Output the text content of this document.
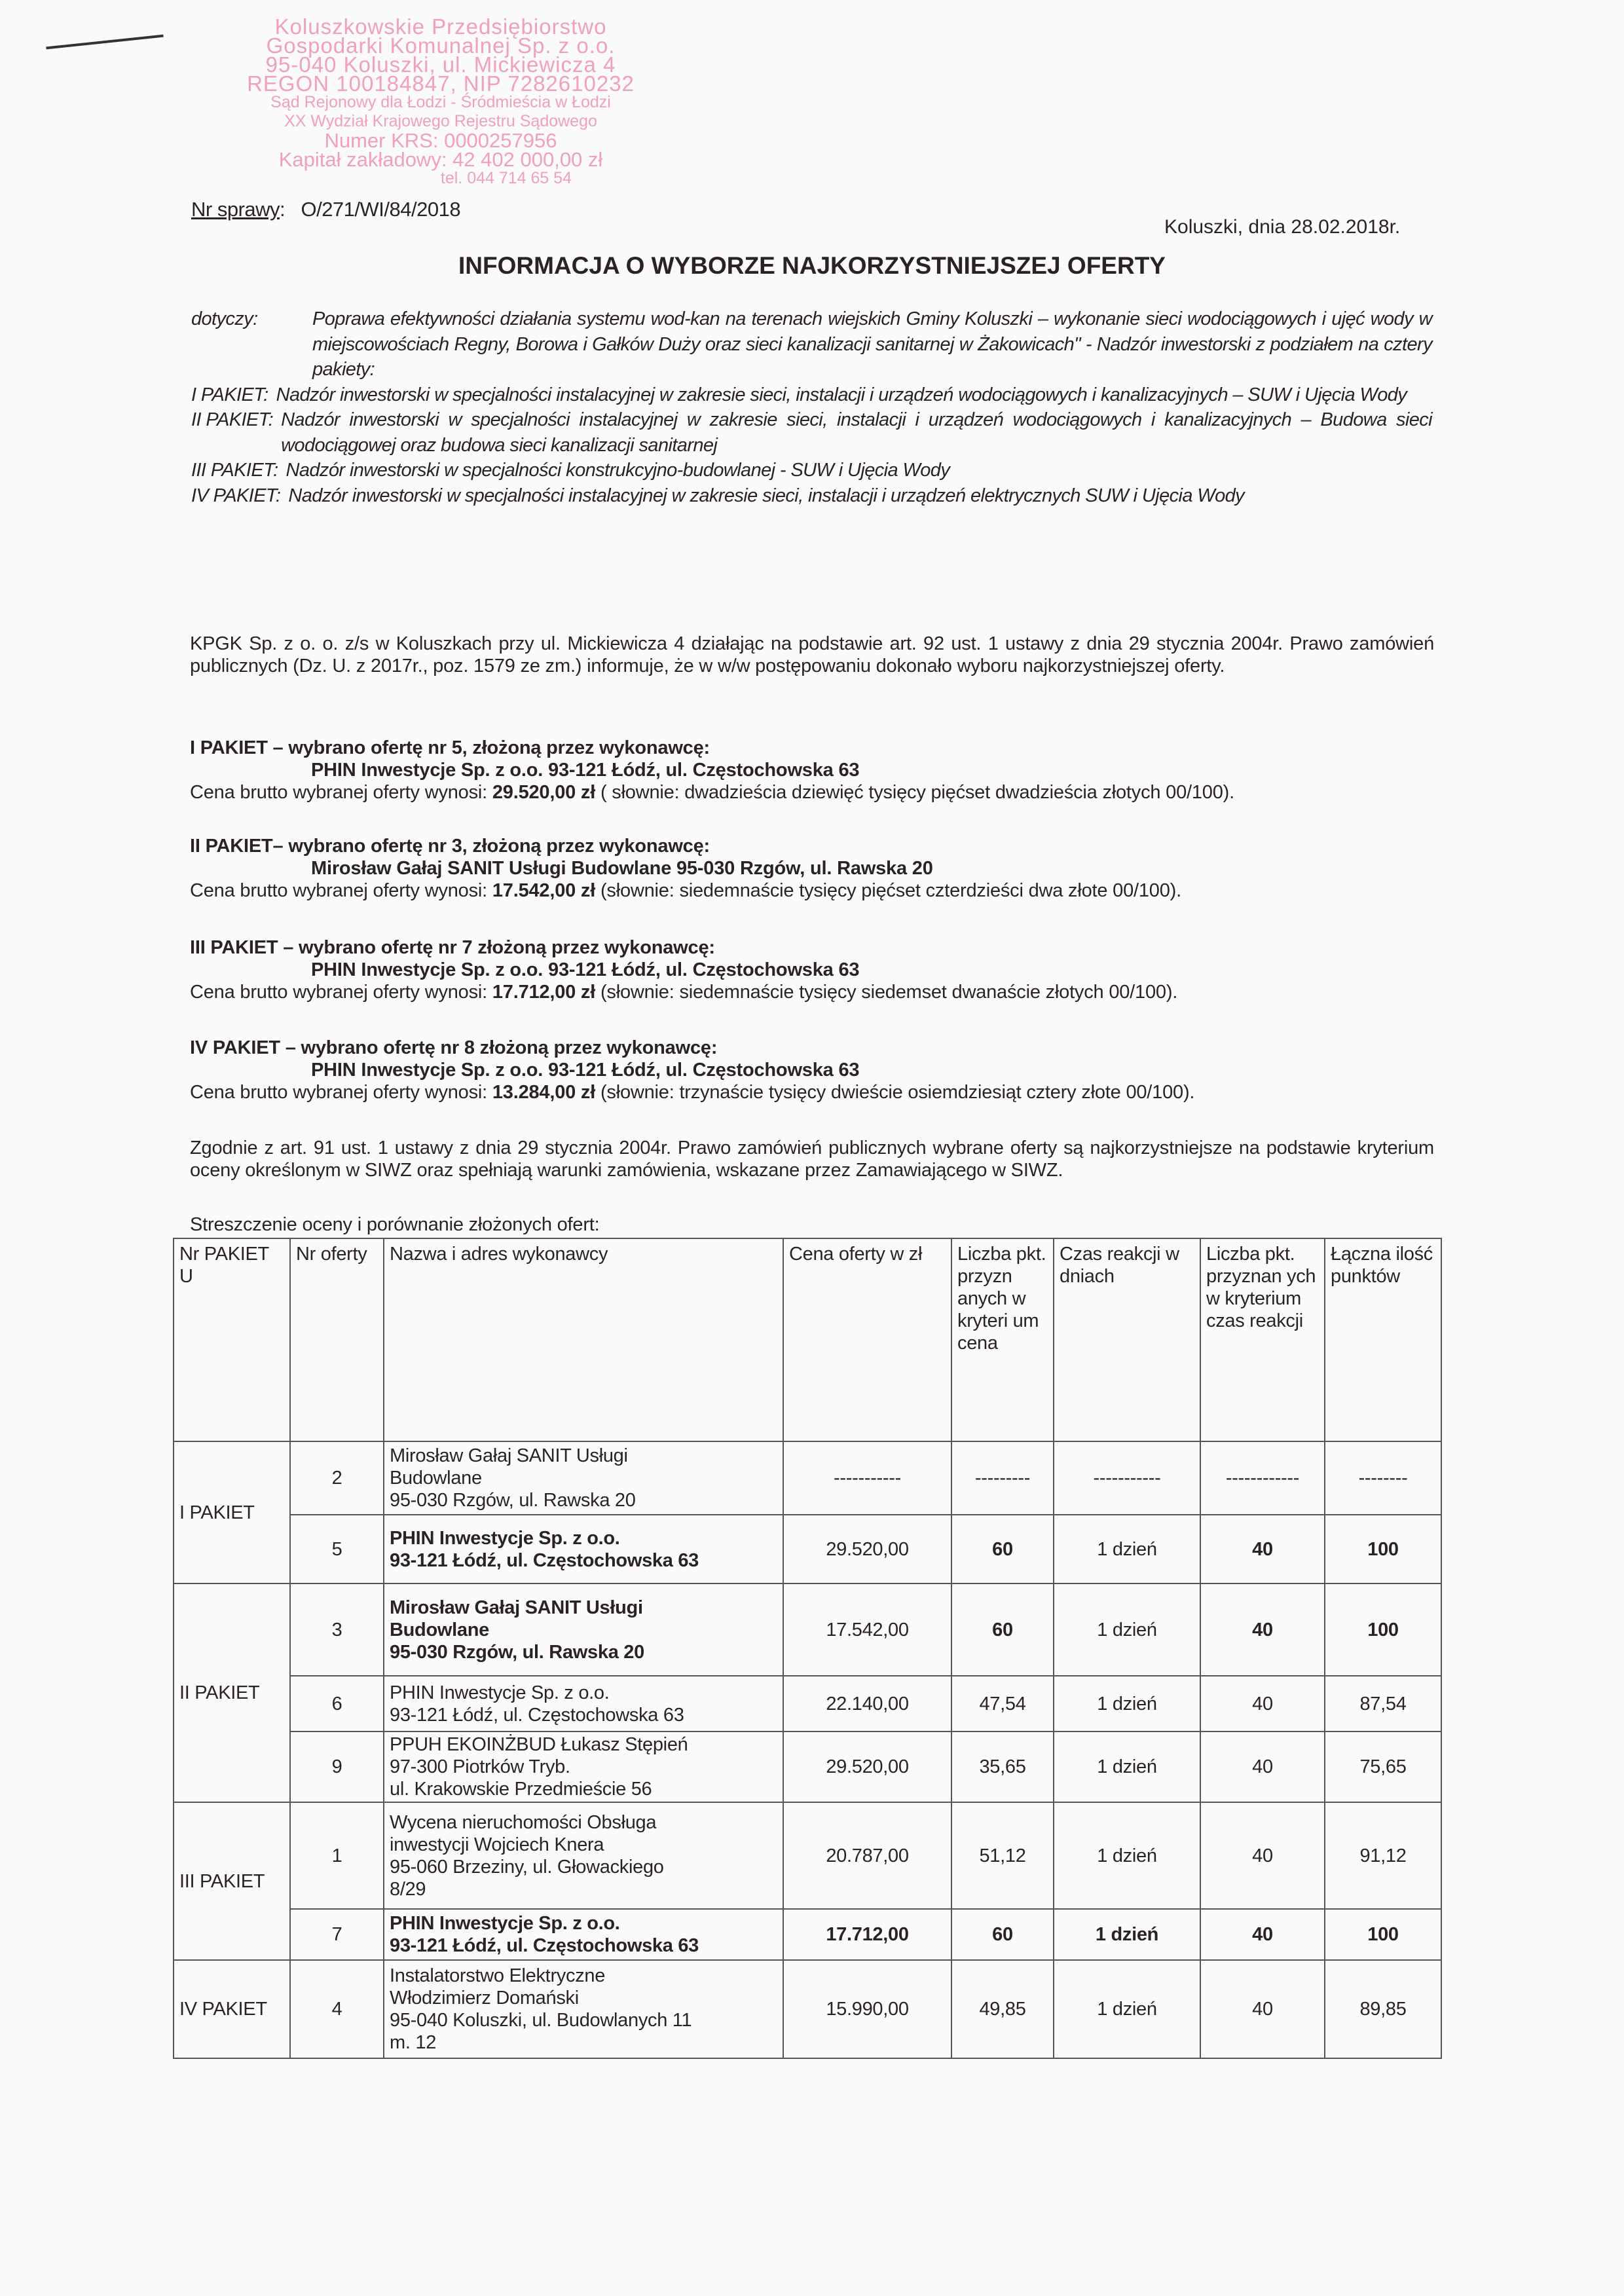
Koluszkowskie Przedsiębiorstwo
Gospodarki Komunalnej Sp. z o.o.
95-040 Koluszki, ul. Mickiewicza 4
REGON 100184847, NIP 7282610232
Sąd Rejonowy dla Łodzi - Śródmieścia w Łodzi
XX Wydział Krajowego Rejestru Sądowego
Numer KRS: 0000257956
Kapitał zakładowy: 42 402 000,00 zł
tel. 044 714 65 54
Nr sprawy:   O/271/WI/84/2018
Koluszki, dnia 28.02.2018r.
INFORMACJA O WYBORZE NAJKORZYSTNIEJSZEJ OFERTY
dotyczy:	Poprawa efektywności działania systemu wod-kan na terenach wiejskich Gminy Koluszki – wykonanie sieci wodociągowych i ujęć wody w miejscowościach Regny, Borowa i Gałków Duży oraz sieci kanalizacji sanitarnej w Żakowicach" - Nadzór inwestorski z podziałem na cztery pakiety:
I PAKIET: Nadzór inwestorski w specjalności instalacyjnej w zakresie sieci, instalacji i urządzeń wodociągowych i kanalizacyjnych – SUW i Ujęcia Wody
II PAKIET: Nadzór inwestorski w specjalności instalacyjnej w zakresie sieci, instalacji i urządzeń wodociągowych i kanalizacyjnych – Budowa sieci wodociągowej oraz budowa sieci kanalizacji sanitarnej
III PAKIET: Nadzór inwestorski w specjalności konstrukcyjno-budowlanej - SUW i Ujęcia Wody
IV PAKIET: Nadzór inwestorski w specjalności instalacyjnej w zakresie sieci, instalacji i urządzeń elektrycznych SUW i Ujęcia Wody
KPGK Sp. z o. o. z/s w Koluszkach przy ul. Mickiewicza 4 działając na podstawie art. 92 ust. 1 ustawy z dnia 29 stycznia 2004r. Prawo zamówień publicznych (Dz. U. z 2017r., poz. 1579 ze zm.) informuje, że w w/w postępowaniu dokonało wyboru najkorzystniejszej oferty.
I PAKIET – wybrano ofertę nr 5, złożoną przez wykonawcę:
PHIN Inwestycje Sp. z o.o. 93-121 Łódź, ul. Częstochowska 63
Cena brutto wybranej oferty wynosi: 29.520,00 zł ( słownie: dwadzieścia dziewięć tysięcy pięćset dwadzieścia złotych 00/100).
II PAKIET– wybrano ofertę nr 3, złożoną przez wykonawcę:
Mirosław Gałaj SANIT Usługi Budowlane 95-030 Rzgów, ul. Rawska 20
Cena brutto wybranej oferty wynosi: 17.542,00 zł (słownie: siedemnaście tysięcy pięćset czterdzieści dwa złote 00/100).
III PAKIET – wybrano ofertę nr 7 złożoną przez wykonawcę:
PHIN Inwestycje Sp. z o.o. 93-121 Łódź, ul. Częstochowska 63
Cena brutto wybranej oferty wynosi: 17.712,00 zł (słownie: siedemnaście tysięcy siedemset dwanaście złotych 00/100).
IV PAKIET – wybrano ofertę nr 8 złożoną przez wykonawcę:
PHIN Inwestycje Sp. z o.o. 93-121 Łódź, ul. Częstochowska 63
Cena brutto wybranej oferty wynosi: 13.284,00 zł (słownie: trzynaście tysięcy dwieście osiemdziesiąt cztery złote 00/100).
Zgodnie z art. 91 ust. 1 ustawy z dnia 29 stycznia 2004r. Prawo zamówień publicznych wybrane oferty są najkorzystniejsze na podstawie kryterium oceny określonym w SIWZ oraz spełniają warunki zamówienia, wskazane przez Zamawiającego w SIWZ.
Streszczenie oceny i porównanie złożonych ofert:
Nr PAKIET U	Nr oferty	Nazwa i adres wykonawcy	Cena oferty w zł	Liczba pkt. przyzn anych w kryteri um cena	Czas reakcji w dniach	Liczba pkt. przyznan ych w kryterium czas reakcji	Łączna ilość punktów
I PAKIET	2	Mirosław Gałaj SANIT Usługi
Budowlane
95-030 Rzgów, ul. Rawska 20	-----------	---------	-----------	------------	--------
	5	PHIN Inwestycje Sp. z o.o.
93-121 Łódź, ul. Częstochowska 63	29.520,00	60	1 dzień	40	100
II PAKIET	3	Mirosław Gałaj SANIT Usługi
Budowlane
95-030 Rzgów, ul. Rawska 20	17.542,00	60	1 dzień	40	100
	6	PHIN Inwestycje Sp. z o.o.
93-121 Łódź, ul. Częstochowska 63	22.140,00	47,54	1 dzień	40	87,54
	9	PPUH EKOINŻBUD Łukasz Stępień
97-300 Piotrków Tryb.
ul. Krakowskie Przedmieście 56	29.520,00	35,65	1 dzień	40	75,65
III PAKIET	1	Wycena nieruchomości Obsługa
inwestycji Wojciech Knera
95-060 Brzeziny, ul. Głowackiego
8/29	20.787,00	51,12	1 dzień	40	91,12
	7	PHIN Inwestycje Sp. z o.o.
93-121 Łódź, ul. Częstochowska 63	17.712,00	60	1 dzień	40	100
IV PAKIET	4	Instalatorstwo Elektryczne
Włodzimierz Domański
95-040 Koluszki, ul. Budowlanych 11
m. 12	15.990,00	49,85	1 dzień	40	89,85
